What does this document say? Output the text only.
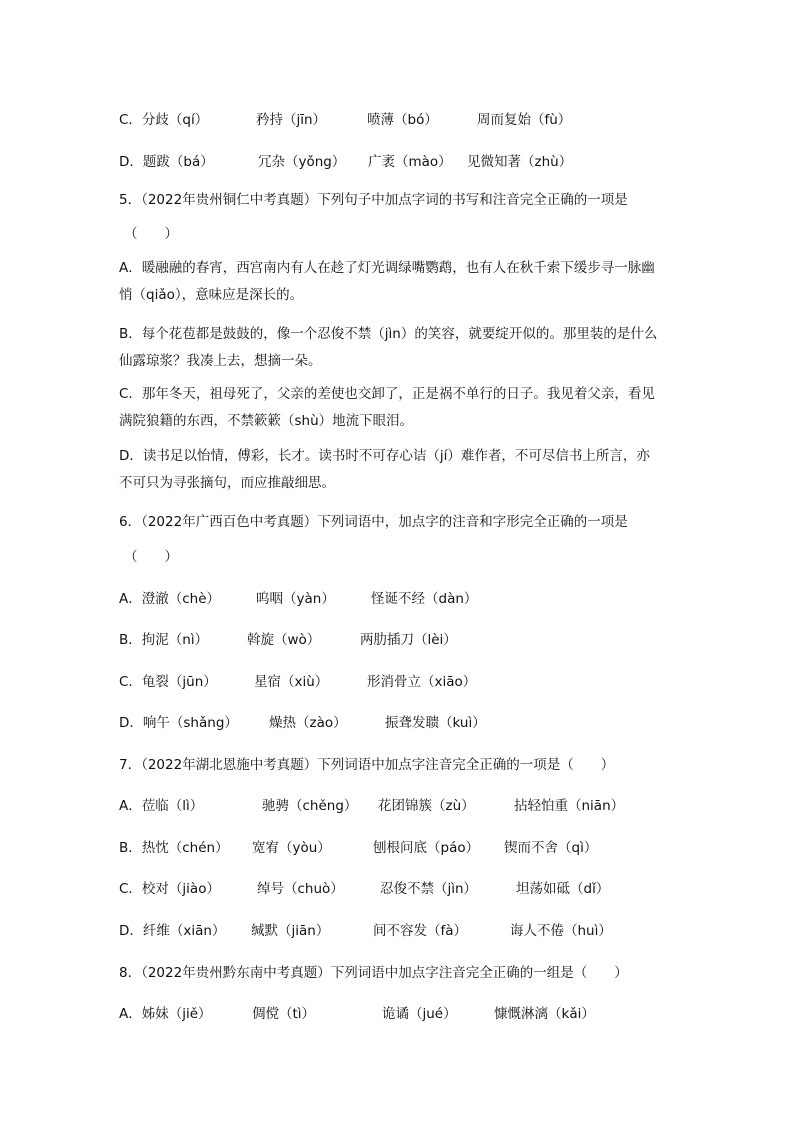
C．分歧（qí）	矜持（jīn）	喷薄（bó）	周而复始（fù）
D．题跋（bá）	冗杂（yǒng） 广袤（mào） 见微知著（zhù）
5．（2022年贵州铜仁中考真题）下列句子中加点字词的书写和注音完全正确的一项是
（　　）

A．暖融融的春宵，西宫南内有人在趁了灯光调绿嘴鹦鹉，也有人在秋千索下缓步寻一脉幽

悄（qiǎo），意味应是深长的。

B．每个花苞都是鼓鼓的，像一个忍俊不禁（jìn）的笑容，就要绽开似的。那里装的是什么

仙露琼浆？我凑上去，想摘一朵。

C．那年冬天，祖母死了，父亲的差使也交卸了，正是祸不单行的日子。我见着父亲，看见

满院狼籍的东西，不禁簌簌（shù）地流下眼泪。

D．读书足以怡情，傅彩，长才。读书时不可存心诘（jí）难作者，不可尽信书上所言，亦

不可只为寻张摘句，而应推敲细思。

6．（2022年广西百色中考真题）下列词语中，加点字的注音和字形完全正确的一项是
（　　）
A．澄澈（chè）	呜咽（yàn）	怪诞不经（dàn）
B．拘泥（nì）	斡旋（wò）	两肋插刀（lèi）
C．龟裂（jūn）	星宿（xiù）	形消骨立（xiāo）
D．响午（shǎng） 燥热（zào）	振聋发聩（kuì）
7．（2022年湖北恩施中考真题）下列词语中加点字注音完全正确的一项是（　　）
A．莅临（lì）	驰骋（chěng） 花团锦簇（zù）	拈轻怕重（niān）
B．热忱（chén） 宽宥（yòu）	刨根问底（páo） 锲而不舍（qì）
C．校对（jiào）	绰号（chuò）	忍俊不禁（jìn）	坦荡如砥（dǐ）
D．纤维（xiān） 缄默（jiān）	间不容发（fà）	诲人不倦（huì）
8．（2022年贵州黔东南中考真题）下列词语中加点字注音完全正确的一组是（　　）
A．姊妹（jiě）	倜傥（tì）	诡谲（jué）	慷慨淋漓（kǎi）
